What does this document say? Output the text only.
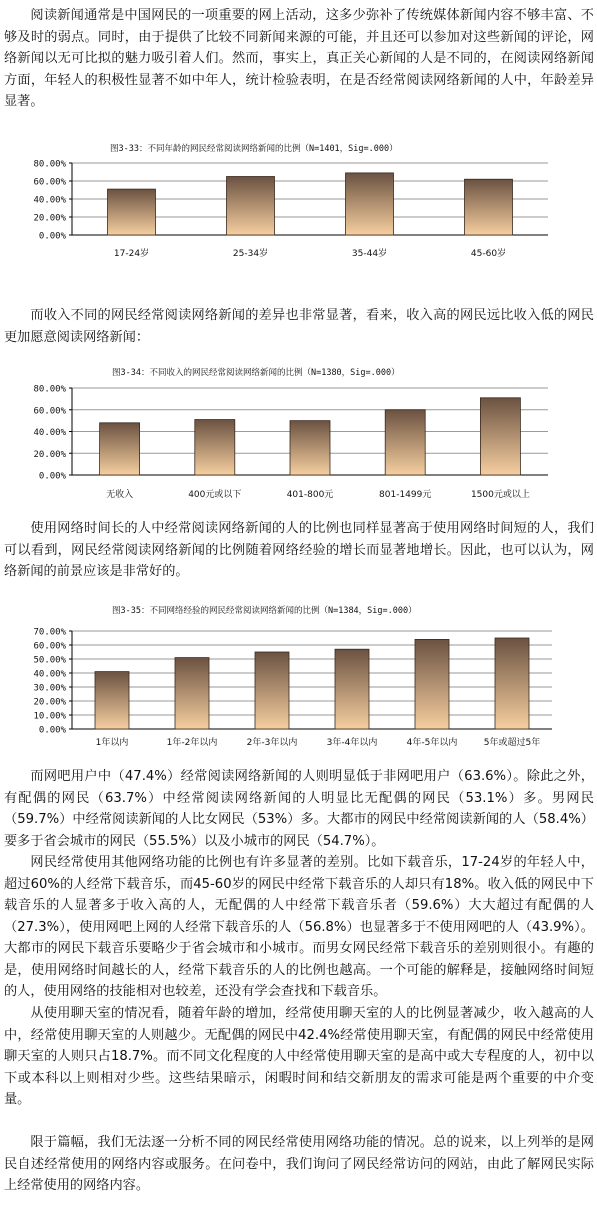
阅读新闻通常是中国网民的一项重要的网上活动，这多少弥补了传统媒体新闻内容不够丰富、不够及时的弱点。同时，由于提供了比较不同新闻来源的可能，并且还可以参加对这些新闻的评论，网络新闻以无可比拟的魅力吸引着人们。然而，事实上，真正关心新闻的人是不同的，在阅读网络新闻方面，年轻人的积极性显著不如中年人，统计检验表明，在是否经常阅读网络新闻的人中，年龄差异显著。

图3-33：不同年龄的网民经常阅读网络新闻的比例（N=1401，Sig=.000）
0.00%
20.00%
40.00%
60.00%
80.00%
17-24岁	25-34岁	35-44岁	45-60岁

而收入不同的网民经常阅读网络新闻的差异也非常显著，看来，收入高的网民远比收入低的网民更加愿意阅读网络新闻：

图3-34：不同收入的网民经常阅读网络新闻的比例（N=1380，Sig=.000）
0.00%
20.00%
40.00%
60.00%
80.00%
无收入	400元或以下	401-800元	801-1499元	1500元或以上

使用网络时间长的人中经常阅读网络新闻的人的比例也同样显著高于使用网络时间短的人，我们可以看到，网民经常阅读网络新闻的比例随着网络经验的增长而显著地增长。因此，也可以认为，网络新闻的前景应该是非常好的。

图3-35：不同网络经验的网民经常阅读网络新闻的比例（N=1384，Sig=.000）
0.00%
10.00%
20.00%
30.00%
40.00%
50.00%
60.00%
70.00%
1年以内	1年-2年以内	2年-3年以内	3年-4年以内	4年-5年以内	5年或超过5年

而网吧用户中（47.4%）经常阅读网络新闻的人则明显低于非网吧用户（63.6%）。除此之外，有配偶的网民（63.7%）中经常阅读网络新闻的人明显比无配偶的网民（53.1%）多。男网民（59.7%）中经常阅读新闻的人比女网民（53%）多。大都市的网民中经常阅读新闻的人（58.4%）要多于省会城市的网民（55.5%）以及小城市的网民（54.7%）。

网民经常使用其他网络功能的比例也有许多显著的差别。比如下载音乐，17-24岁的年轻人中，超过60%的人经常下载音乐，而45-60岁的网民中经常下载音乐的人却只有18%。收入低的网民中下载音乐的人显著多于收入高的人，无配偶的人中经常下载音乐者（59.6%）大大超过有配偶的人（27.3%），使用网吧上网的人经常下载音乐的人（56.8%）也显著多于不使用网吧的人（43.9%）。大都市的网民下载音乐要略少于省会城市和小城市。而男女网民经常下载音乐的差别则很小。有趣的是，使用网络时间越长的人，经常下载音乐的人的比例也越高。一个可能的解释是，接触网络时间短的人，使用网络的技能相对也较差，还没有学会查找和下载音乐。

从使用聊天室的情况看，随着年龄的增加，经常使用聊天室的人的比例显著减少，收入越高的人中，经常使用聊天室的人则越少。无配偶的网民中42.4%经常使用聊天室，有配偶的网民中经常使用聊天室的人则只占18.7%。而不同文化程度的人中经常使用聊天室的是高中或大专程度的人，初中以下或本科以上则相对少些。这些结果暗示，闲暇时间和结交新朋友的需求可能是两个重要的中介变量。

限于篇幅，我们无法逐一分析不同的网民经常使用网络功能的情况。总的说来，以上列举的是网民自述经常使用的网络内容或服务。在问卷中，我们询问了网民经常访问的网站，由此了解网民实际上经常使用的网络内容。
